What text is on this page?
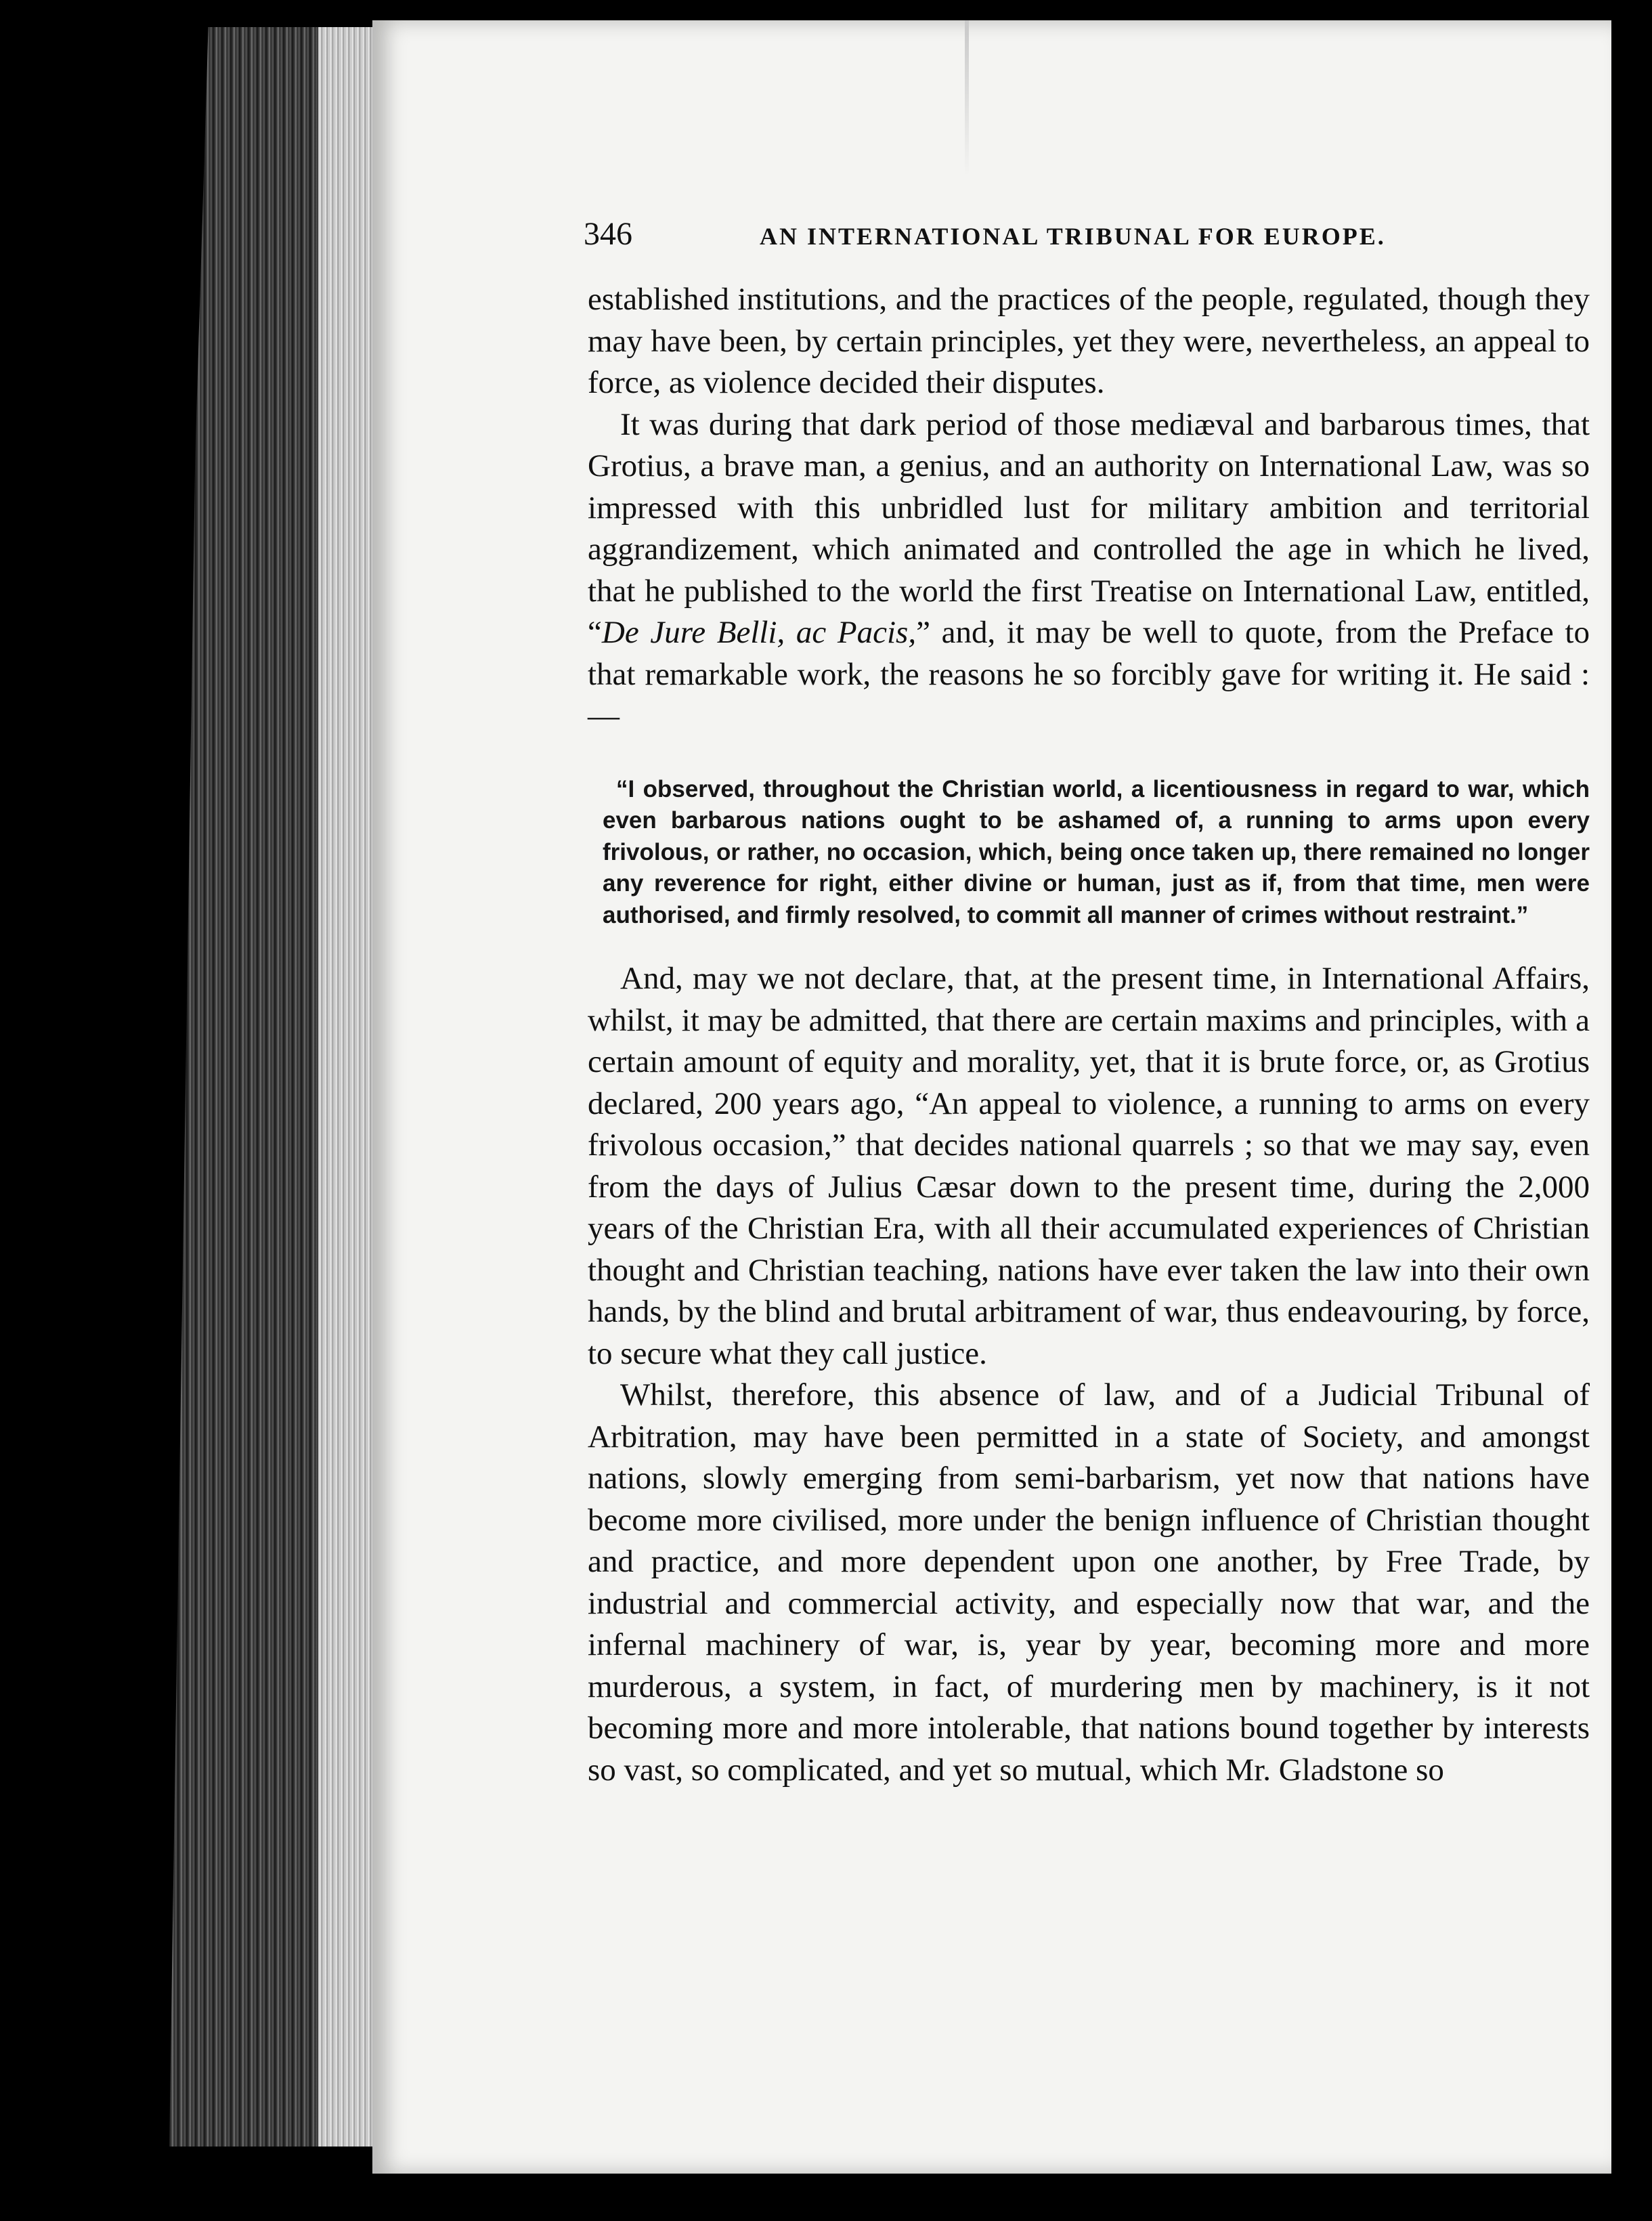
346	AN INTERNATIONAL TRIBUNAL FOR EUROPE.

established institutions, and the practices of the people, regulated, though they may have been, by certain principles, yet they were, nevertheless, an appeal to force, as violence decided their disputes.

It was during that dark period of those mediæval and barbarous times, that Grotius, a brave man, a genius, and an authority on International Law, was so impressed with this unbridled lust for military ambition and territorial aggrandizement, which animated and controlled the age in which he lived, that he published to the world the first Treatise on International Law, entitled, “De Jure Belli, ac Pacis,” and, it may be well to quote, from the Preface to that remarkable work, the reasons he so forcibly gave for writing it. He said :—

“I observed, throughout the Christian world, a licentiousness in regard to war, which even barbarous nations ought to be ashamed of, a running to arms upon every frivolous, or rather, no occasion, which, being once taken up, there remained no longer any reverence for right, either divine or human, just as if, from that time, men were authorised, and firmly resolved, to commit all manner of crimes without restraint.”

And, may we not declare, that, at the present time, in International Affairs, whilst, it may be admitted, that there are certain maxims and principles, with a certain amount of equity and morality, yet, that it is brute force, or, as Grotius declared, 200 years ago, “An appeal to violence, a running to arms on every frivolous occasion,” that decides national quarrels ; so that we may say, even from the days of Julius Cæsar down to the present time, during the 2,000 years of the Christian Era, with all their accumulated experiences of Christian thought and Christian teaching, nations have ever taken the law into their own hands, by the blind and brutal arbitrament of war, thus endeavouring, by force, to secure what they call justice.

Whilst, therefore, this absence of law, and of a Judicial Tribunal of Arbitration, may have been permitted in a state of Society, and amongst nations, slowly emerging from semi-barbarism, yet now that nations have become more civilised, more under the benign influence of Christian thought and practice, and more dependent upon one another, by Free Trade, by industrial and commercial activity, and especially now that war, and the infernal machinery of war, is, year by year, becoming more and more murderous, a system, in fact, of murdering men by machinery, is it not becoming more and more intolerable, that nations bound together by interests so vast, so complicated, and yet so mutual, which Mr. Gladstone so
